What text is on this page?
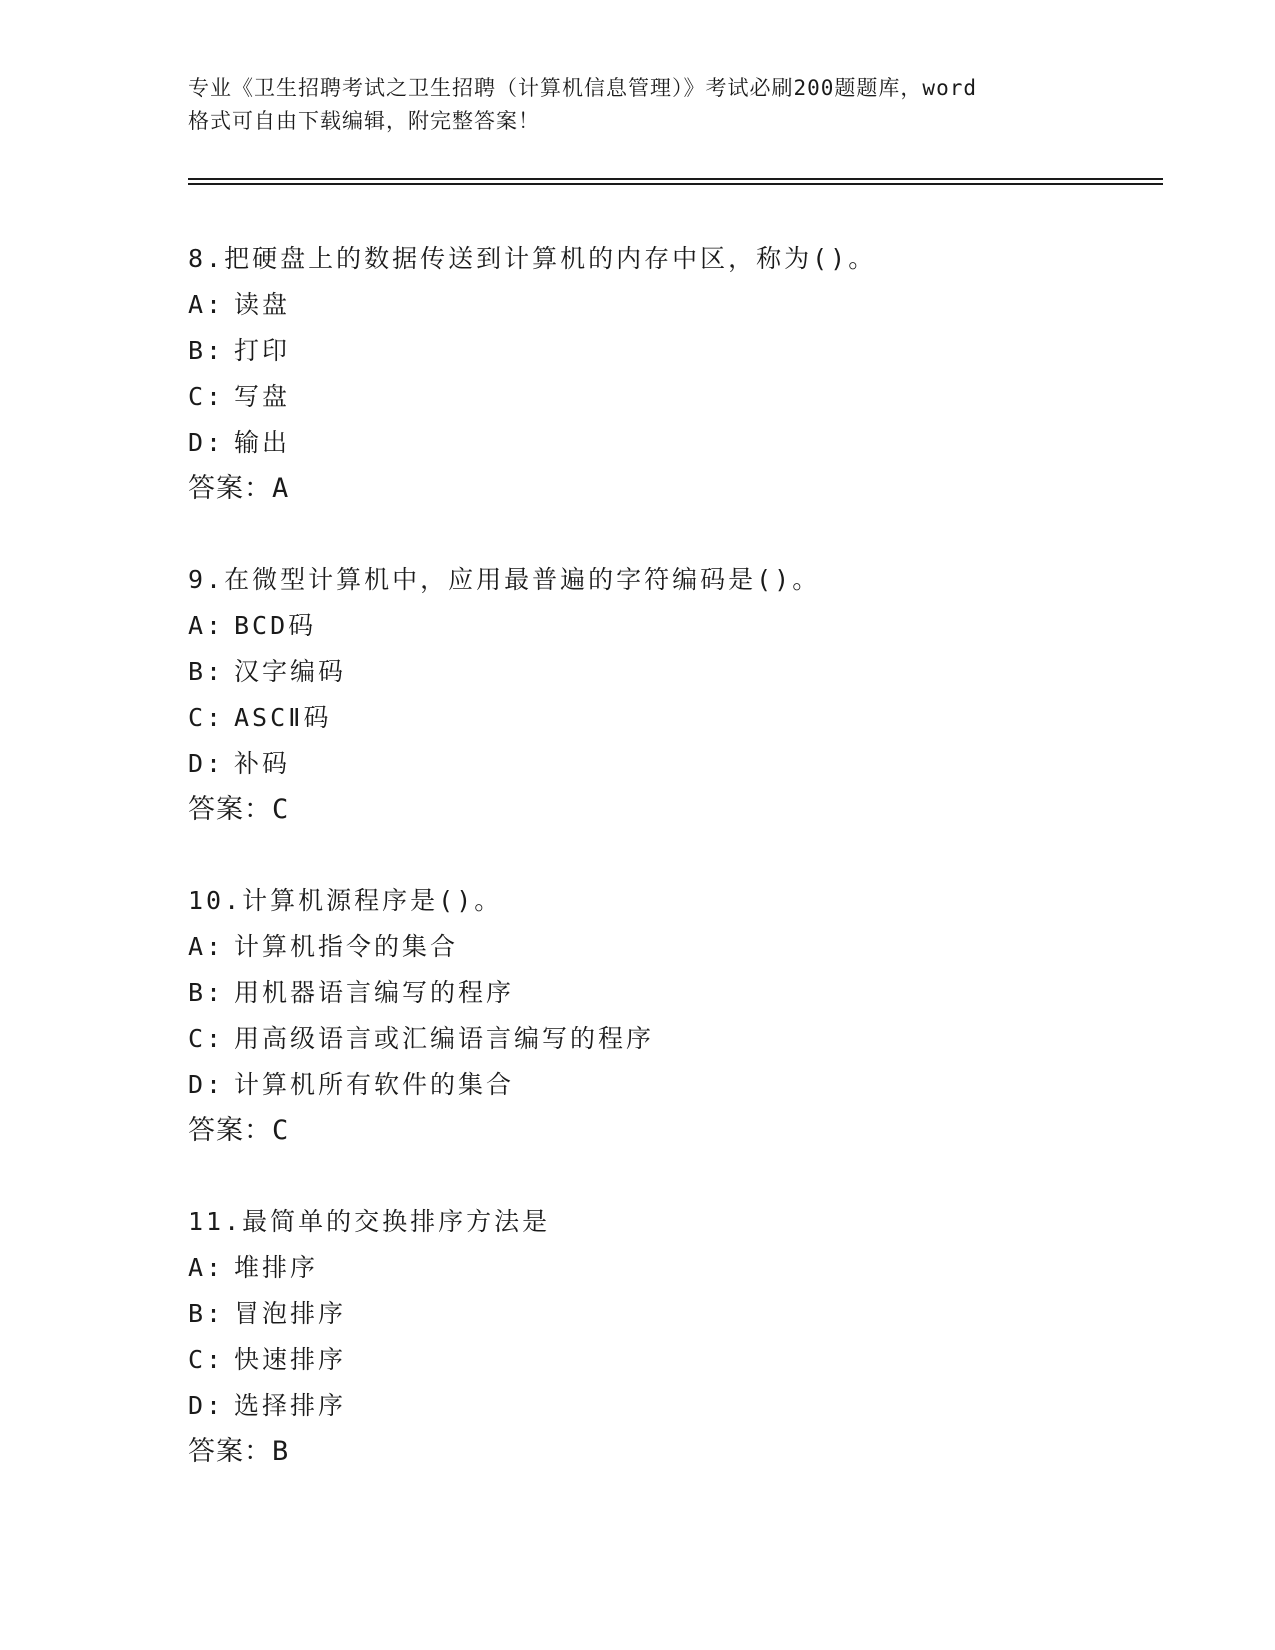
专业《卫生招聘考试之卫生招聘（计算机信息管理）》考试必刷200题题库，word
格式可自由下载编辑，附完整答案！
8.把硬盘上的数据传送到计算机的内存中区，称为()。
A: 读盘
B: 打印
C: 写盘
D: 输出
答案：A
9.在微型计算机中，应用最普遍的字符编码是()。
A: BCD码
B: 汉字编码
C: ASCⅡ码
D: 补码
答案：C
10.计算机源程序是()。
A: 计算机指令的集合
B: 用机器语言编写的程序
C: 用高级语言或汇编语言编写的程序
D: 计算机所有软件的集合
答案：C
11.最简单的交换排序方法是
A: 堆排序
B: 冒泡排序
C: 快速排序
D: 选择排序
答案：B
